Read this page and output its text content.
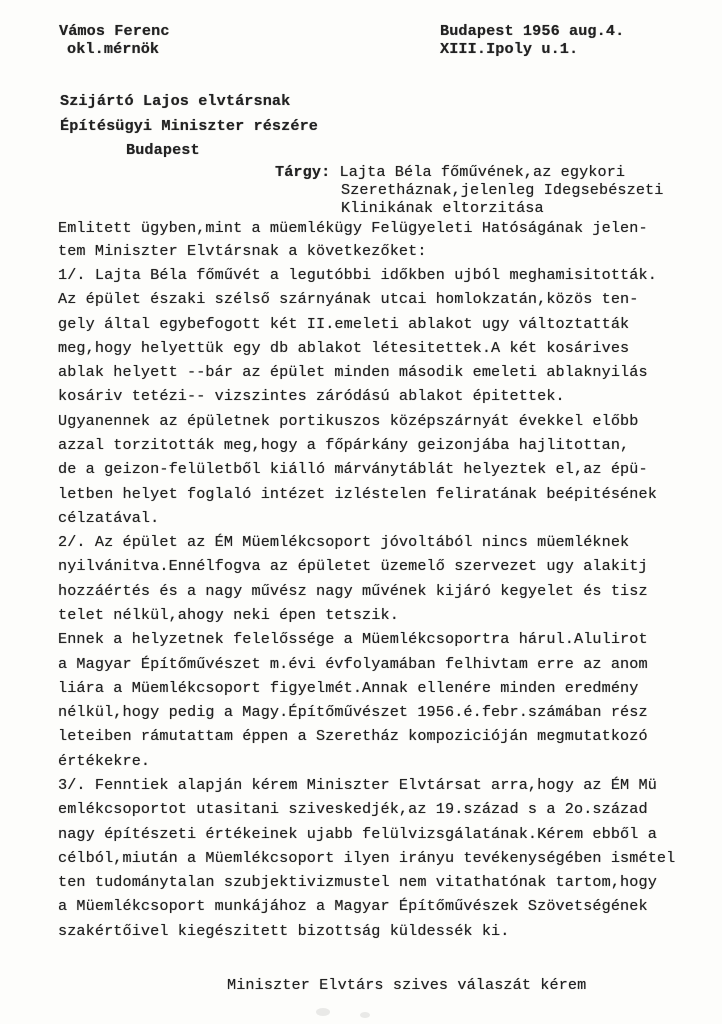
Vámos Ferenc
okl.mérnök
Budapest 1956 aug.4.
XIII.Ipoly u.1.
Szijártó Lajos elvtársnak
Építésügyi Miniszter részére
Budapest
Tárgy: Lajta Béla főművének,az egykori
Szeretháznak,jelenleg Idegsebészeti
Klinikának eltorzitása
Emlitett ügyben,mint a müemlékügy Felügyeleti Hatóságának jelen-
tem Miniszter Elvtársnak a következőket:
1/. Lajta Béla főművét a legutóbbi időkben ujból meghamisitották.
Az épület északi szélső szárnyának utcai homlokzatán,közös ten-
gely által egybefogott két II.emeleti ablakot ugy változtatták
meg,hogy helyettük egy db ablakot létesitettek.A két kosárives
ablak helyett --bár az épület minden második emeleti ablaknyilás
kosáriv tetézi-- vizszintes záródású ablakot épitettek.
Ugyanennek az épületnek portikuszos középszárnyát évekkel előbb
azzal torzitották meg,hogy a főpárkány geizonjába hajlitottan,
de a geizon-felületből kiálló márványtáblát helyeztek el,az épü-
letben helyet foglaló intézet izléstelen feliratának beépitésének
célzatával.
2/. Az épület az ÉM Müemlékcsoport jóvoltából nincs müemléknek
nyilvánitva.Ennélfogva az épületet üzemelő szervezet ugy alakitj
hozzáértés és a nagy művész nagy művének kijáró kegyelet és tisz
telet nélkül,ahogy neki épen tetszik.
Ennek a helyzetnek felelőssége a Müemlékcsoportra hárul.Alulirot
a Magyar Építőművészet m.évi évfolyamában felhivtam erre az anom
liára a Müemlékcsoport figyelmét.Annak ellenére minden eredmény
nélkül,hogy pedig a Magy.Építőművészet 1956.é.febr.számában rész
leteiben rámutattam éppen a Szeretház kompozicióján megmutatkozó
értékekre.
3/. Fenntiek alapján kérem Miniszter Elvtársat arra,hogy az ÉM Mü
emlékcsoportot utasitani sziveskedjék,az 19.század s a 2o.század
nagy építészeti értékeinek ujabb felülvizsgálatának.Kérem ebből a
célból,miután a Müemlékcsoport ilyen irányu tevékenységében ismétel
ten tudománytalan szubjektivizmustel nem vitathatónak tartom,hogy
a Müemlékcsoport munkájához a Magyar Építőművészek Szövetségének
szakértőivel kiegészitett bizottság küldessék ki.
Miniszter Elvtárs szives válaszát kérem
